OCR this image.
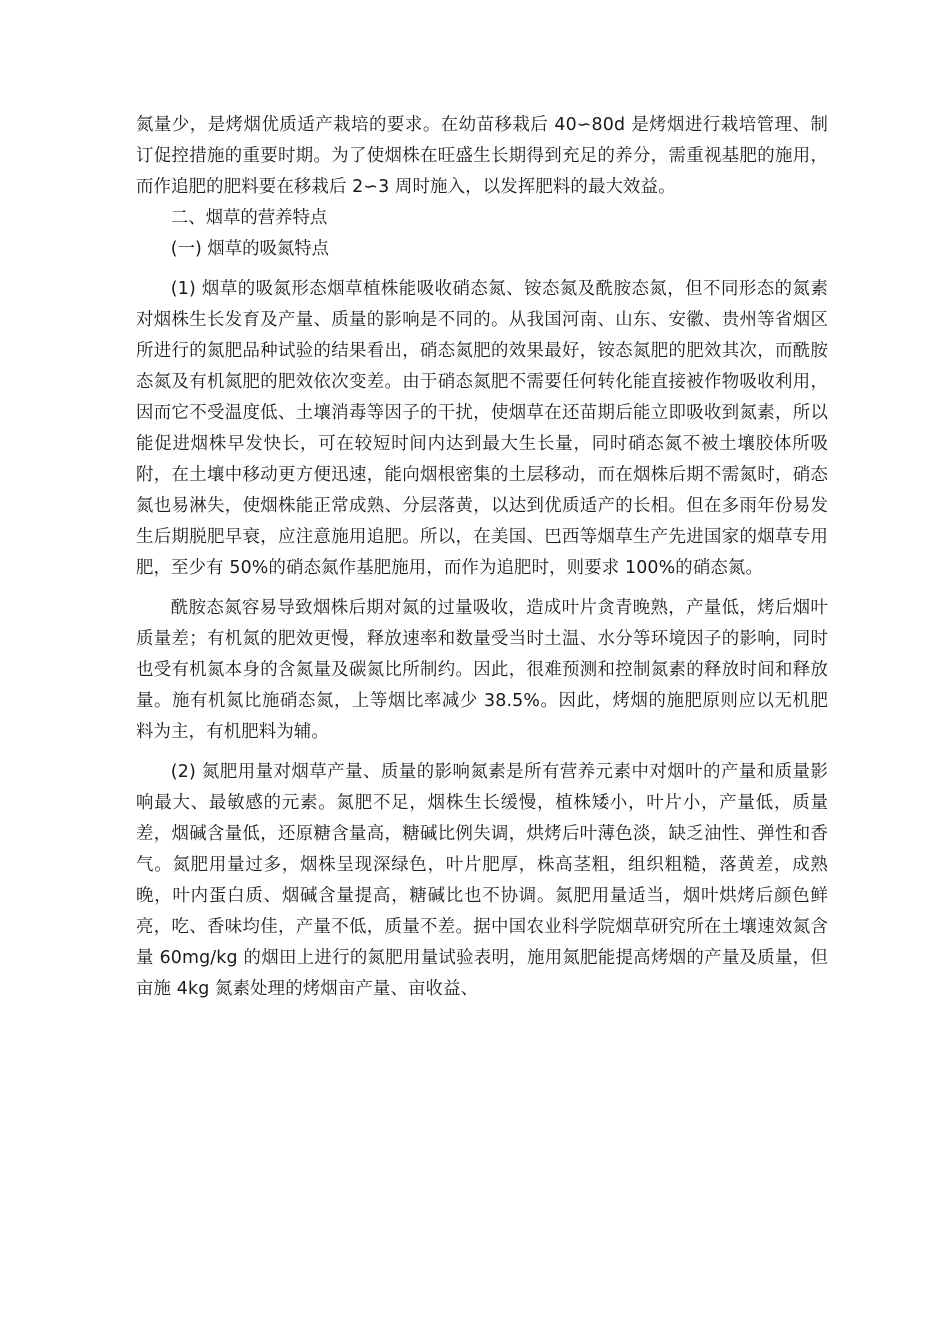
氮量少，是烤烟优质适产栽培的要求。在幼苗移栽后 40∽80d 是烤烟进行栽培管理、制订促控措施的重要时期。为了使烟株在旺盛生长期得到充足的养分，需重视基肥的施用，而作追肥的肥料要在移栽后 2∽3 周时施入，以发挥肥料的最大效益。

二、烟草的营养特点

(一) 烟草的吸氮特点

(1) 烟草的吸氮形态烟草植株能吸收硝态氮、铵态氮及酰胺态氮，但不同形态的氮素对烟株生长发育及产量、质量的影响是不同的。从我国河南、山东、安徽、贵州等省烟区所进行的氮肥品种试验的结果看出，硝态氮肥的效果最好，铵态氮肥的肥效其次，而酰胺态氮及有机氮肥的肥效依次变差。由于硝态氮肥不需要任何转化能直接被作物吸收利用，因而它不受温度低、土壤消毒等因子的干扰，使烟草在还苗期后能立即吸收到氮素，所以能促进烟株早发快长，可在较短时间内达到最大生长量，同时硝态氮不被土壤胶体所吸附，在土壤中移动更方便迅速，能向烟根密集的土层移动，而在烟株后期不需氮时，硝态氮也易淋失，使烟株能正常成熟、分层落黄，以达到优质适产的长相。但在多雨年份易发生后期脱肥早衰，应注意施用追肥。所以，在美国、巴西等烟草生产先进国家的烟草专用肥，至少有 50%的硝态氮作基肥施用，而作为追肥时，则要求 100%的硝态氮。

酰胺态氮容易导致烟株后期对氮的过量吸收，造成叶片贪青晚熟，产量低，烤后烟叶质量差；有机氮的肥效更慢，释放速率和数量受当时土温、水分等环境因子的影响，同时也受有机氮本身的含氮量及碳氮比所制约。因此，很难预测和控制氮素的释放时间和释放量。施有机氮比施硝态氮，上等烟比率减少 38.5%。因此，烤烟的施肥原则应以无机肥料为主，有机肥料为辅。

(2) 氮肥用量对烟草产量、质量的影响氮素是所有营养元素中对烟叶的产量和质量影响最大、最敏感的元素。氮肥不足，烟株生长缓慢，植株矮小，叶片小，产量低，质量差，烟碱含量低，还原糖含量高，糖碱比例失调，烘烤后叶薄色淡，缺乏油性、弹性和香气。氮肥用量过多，烟株呈现深绿色，叶片肥厚，株高茎粗，组织粗糙，落黄差，成熟晚，叶内蛋白质、烟碱含量提高，糖碱比也不协调。氮肥用量适当，烟叶烘烤后颜色鲜亮，吃、香味均佳，产量不低，质量不差。据中国农业科学院烟草研究所在土壤速效氮含量 60mg/kg 的烟田上进行的氮肥用量试验表明，施用氮肥能提高烤烟的产量及质量，但亩施 4kg 氮素处理的烤烟亩产量、亩收益、
